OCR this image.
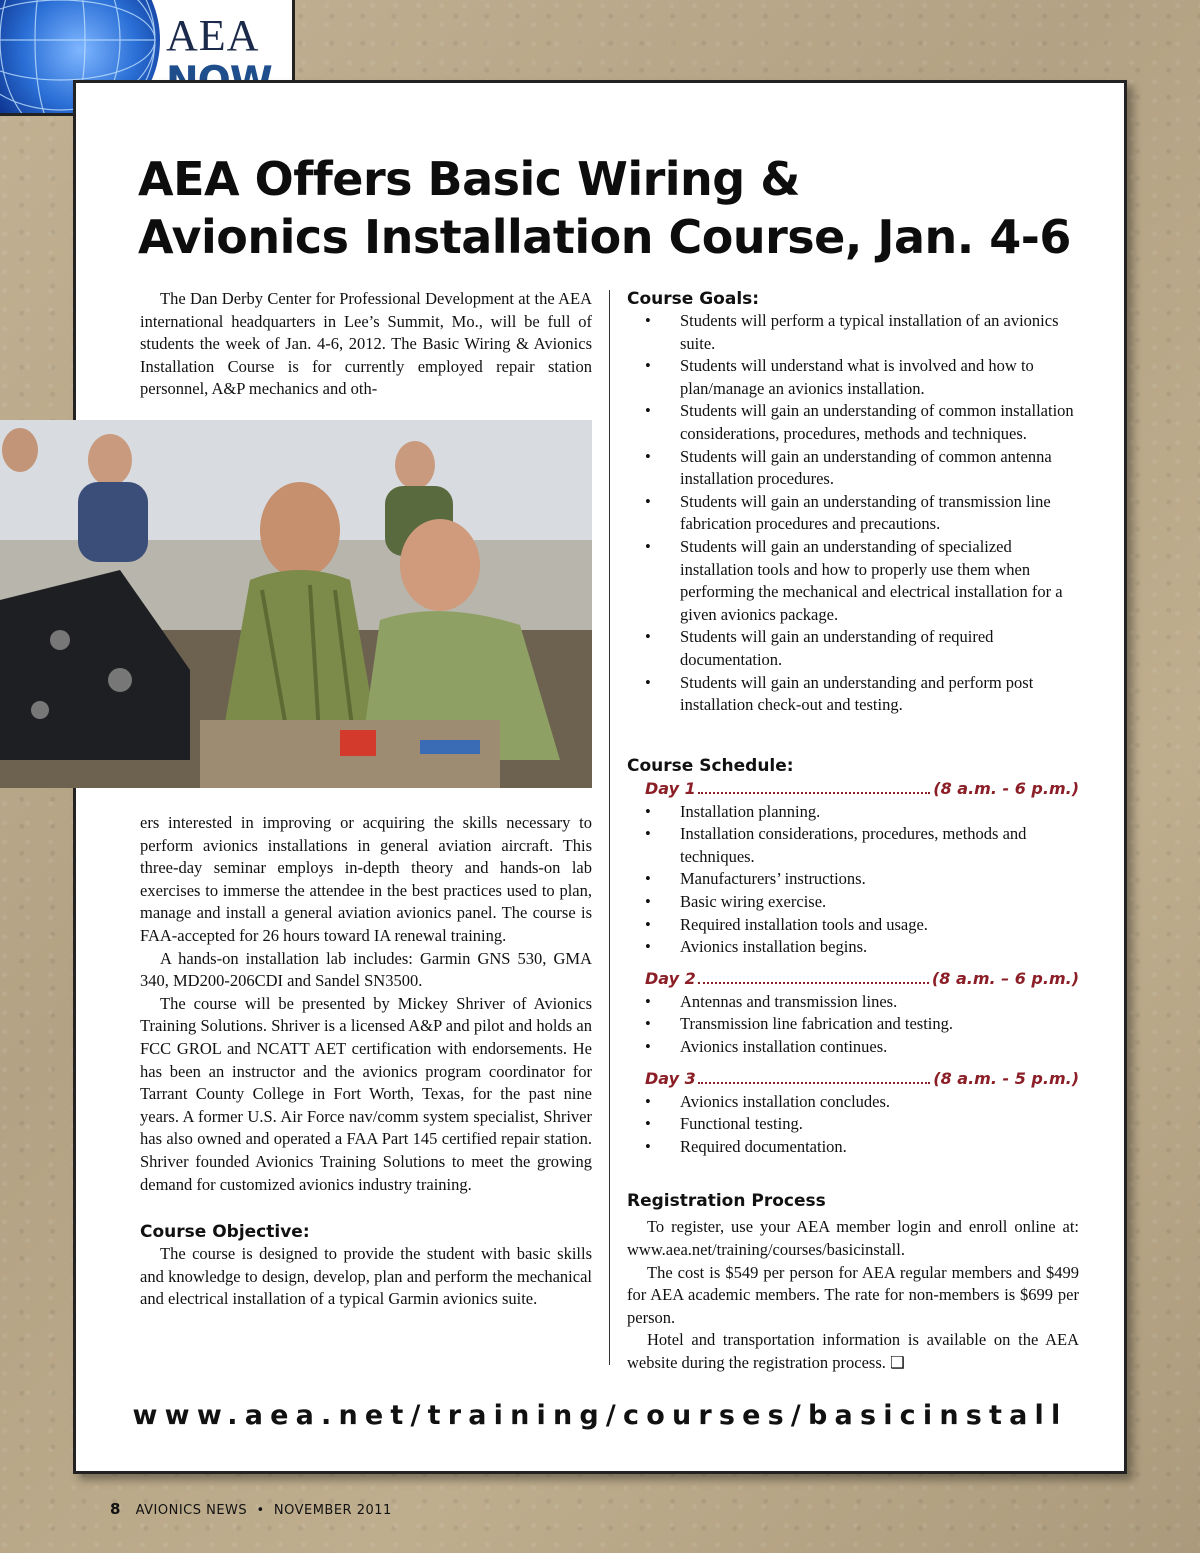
AEA
AEA Offers Basic Wiring &
Avionics Installation Course, Jan. 4-6

The Dan Derby Center for Professional Development at the AEA international headquarters in Lee’s Summit, Mo., will be full of students the week of Jan. 4-6, 2012. The Basic Wiring & Avionics Installation Course is for currently employed repair station personnel, A&P mechanics and oth-

ers interested in improving or acquiring the skills necessary to perform avionics installations in general aviation aircraft. This three-day seminar employs in-depth theory and hands-on lab exercises to immerse the attendee in the best practices used to plan, manage and install a general aviation avionics panel. The course is FAA-accepted for 26 hours toward IA renewal training.

A hands-on installation lab includes: Garmin GNS 530, GMA 340, MD200-206CDI and Sandel SN3500.

The course will be presented by Mickey Shriver of Avionics Training Solutions. Shriver is a licensed A&P and pilot and holds an FCC GROL and NCATT AET certification with endorsements. He has been an instructor and the avionics program coordinator for Tarrant County College in Fort Worth, Texas, for the past nine years. A former U.S. Air Force nav/comm system specialist, Shriver has also owned and operated a FAA Part 145 certified repair station. Shriver founded Avionics Training Solutions to meet the growing demand for customized avionics industry training.

Course Objective:

The course is designed to provide the student with basic skills and knowledge to design, develop, plan and perform the mechanical and electrical installation of a typical Garmin avionics suite.

Course Goals:
• Students will perform a typical installation of an avionics suite.
• Students will understand what is involved and how to plan/manage an avionics installation.
• Students will gain an understanding of common installation considerations, procedures, methods and techniques.
• Students will gain an understanding of common antenna installation procedures.
• Students will gain an understanding of transmission line fabrication procedures and precautions.
• Students will gain an understanding of specialized installation tools and how to properly use them when performing the mechanical and electrical installation for a given avionics package.
• Students will gain an understanding of required documentation.
• Students will gain an understanding and perform post installation check-out and testing.
Course Schedule:
Day 1	(8 a.m. - 6 p.m.)
• Installation planning.
• Installation considerations, procedures, methods and techniques.
• Manufacturers’ instructions.
• Basic wiring exercise.
• Required installation tools and usage.
• Avionics installation begins.
Day 2	(8 a.m. – 6 p.m.)
• Antennas and transmission lines.
• Transmission line fabrication and testing.
• Avionics installation continues.
Day 3	(8 a.m. - 5 p.m.)
• Avionics installation concludes.
• Functional testing.
• Required documentation.
Registration Process

To register, use your AEA member login and enroll online at: www.aea.net/training/courses/basicinstall.

The cost is $549 per person for AEA regular members and $499 for AEA academic members. The rate for non-members is $699 per person.

Hotel and transportation information is available on the AEA website during the registration process. ❑

www.aea.net/training/courses/basicinstall
8 AVIONICS NEWS • NOVEMBER 2011
